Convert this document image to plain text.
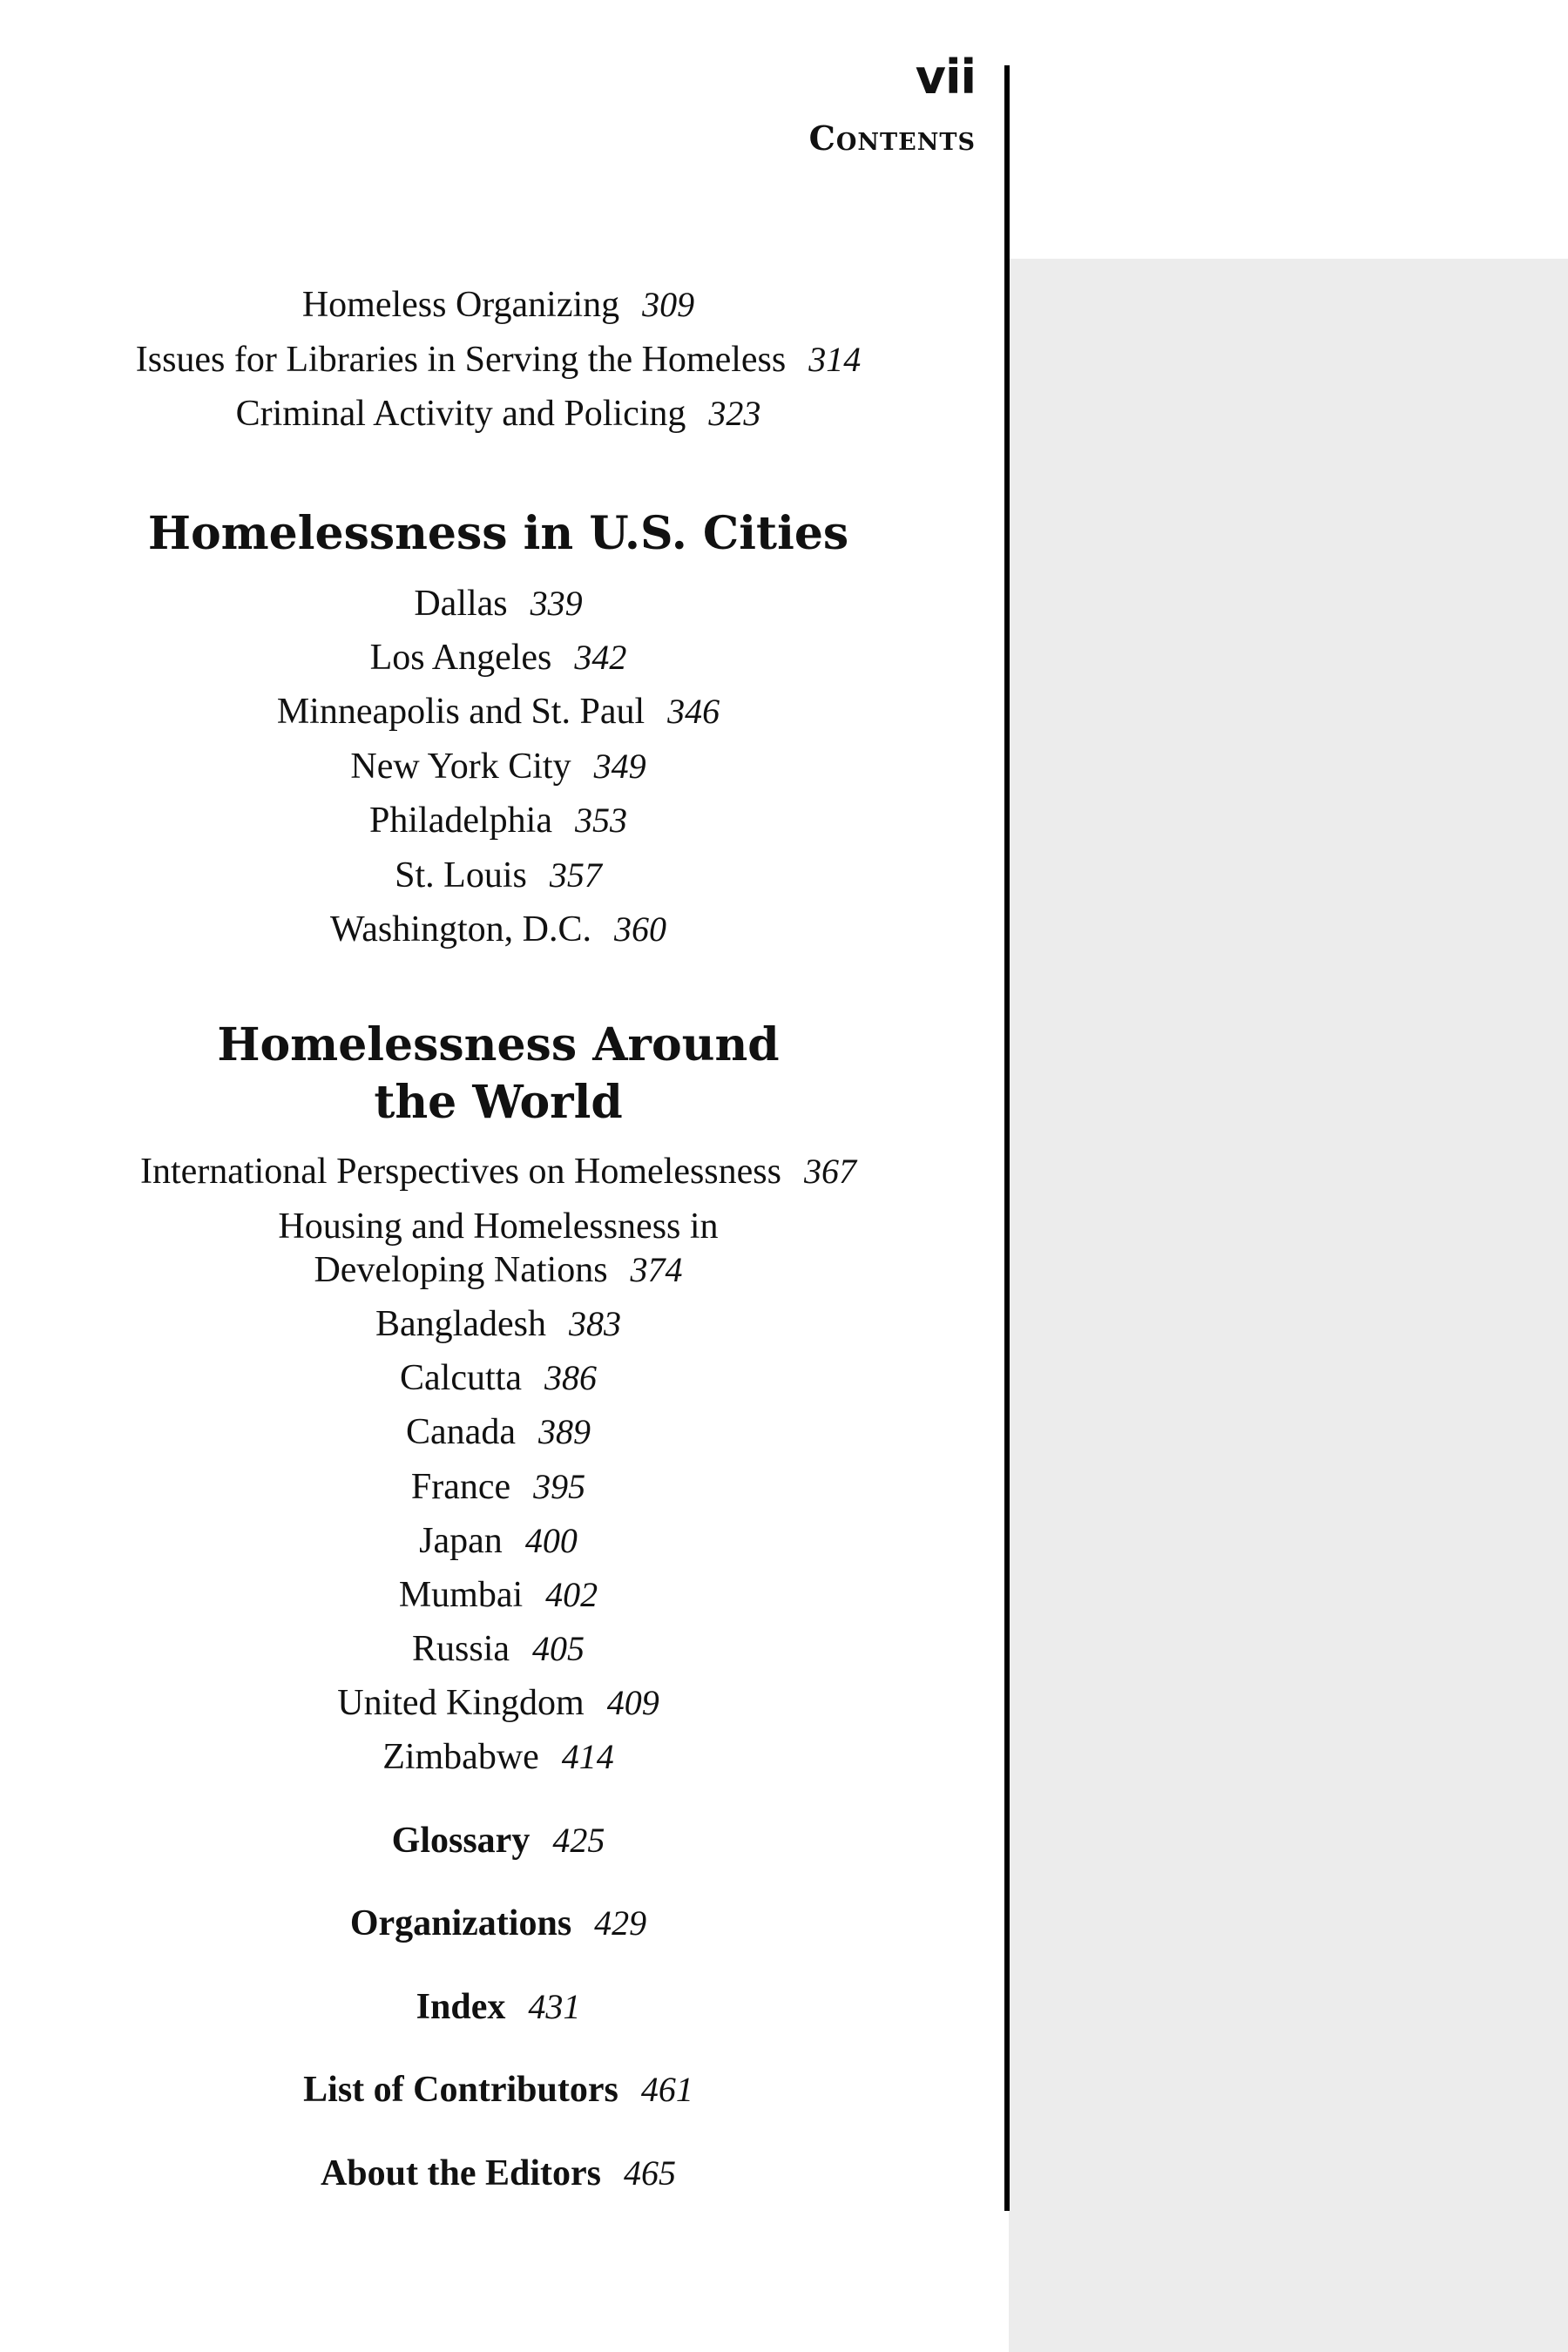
vii
Contents
Homeless Organizing 309
Issues for Libraries in Serving the Homeless 314
Criminal Activity and Policing 323
Homelessness in U.S. Cities
Dallas 339
Los Angeles 342
Minneapolis and St. Paul 346
New York City 349
Philadelphia 353
St. Louis 357
Washington, D.C. 360
Homelessness Around
the World
International Perspectives on Homelessness 367
Housing and Homelessness in
Developing Nations 374
Bangladesh 383
Calcutta 386
Canada 389
France 395
Japan 400
Mumbai 402
Russia 405
United Kingdom 409
Zimbabwe 414
Glossary 425
Organizations 429
Index 431
List of Contributors 461
About the Editors 465
